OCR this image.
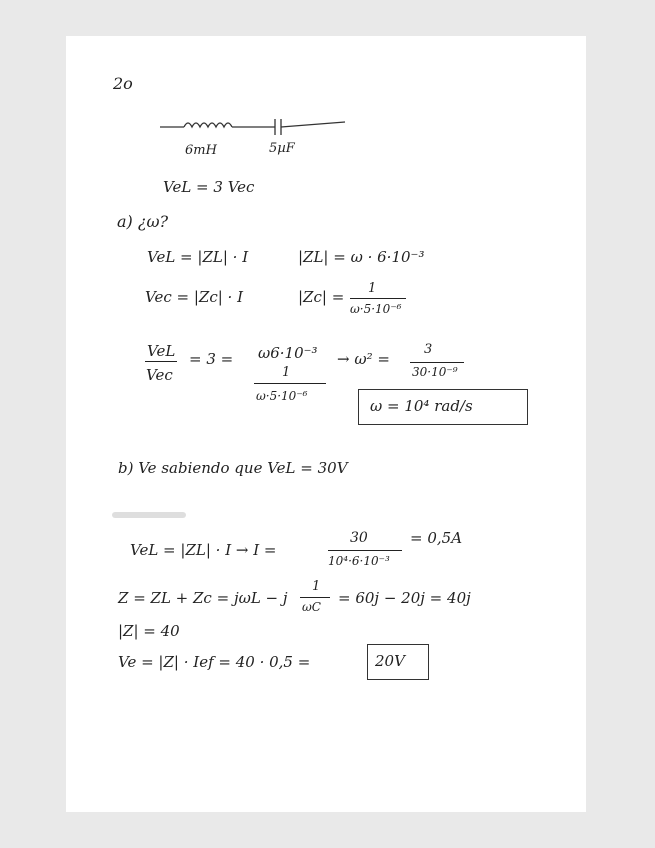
2o
6mH	5µF
VeL = 3 Vec
a) ¿ω?
VeL = |ZL| · I	|ZL| = ω · 6·10⁻³
Vec = |Zc| · I	|Zc| = 1
ω·5·10⁻⁶
VeL
Vec
= 3 = ω6·10⁻³
1
ω·5·10⁻⁶
→ ω² =
3
30·10⁻⁹
ω = 10⁴ rad/s
b) Ve sabiendo que VeL = 30V
VeL = |ZL| · I → I =
30
10⁴·6·10⁻³
= 0,5A
Z = ZL + Zc = jωL − j
1
ωC = 60j − 20j = 40j
|Z| = 40
Ve = |Z| · Ief = 40 · 0,5 =	20V
